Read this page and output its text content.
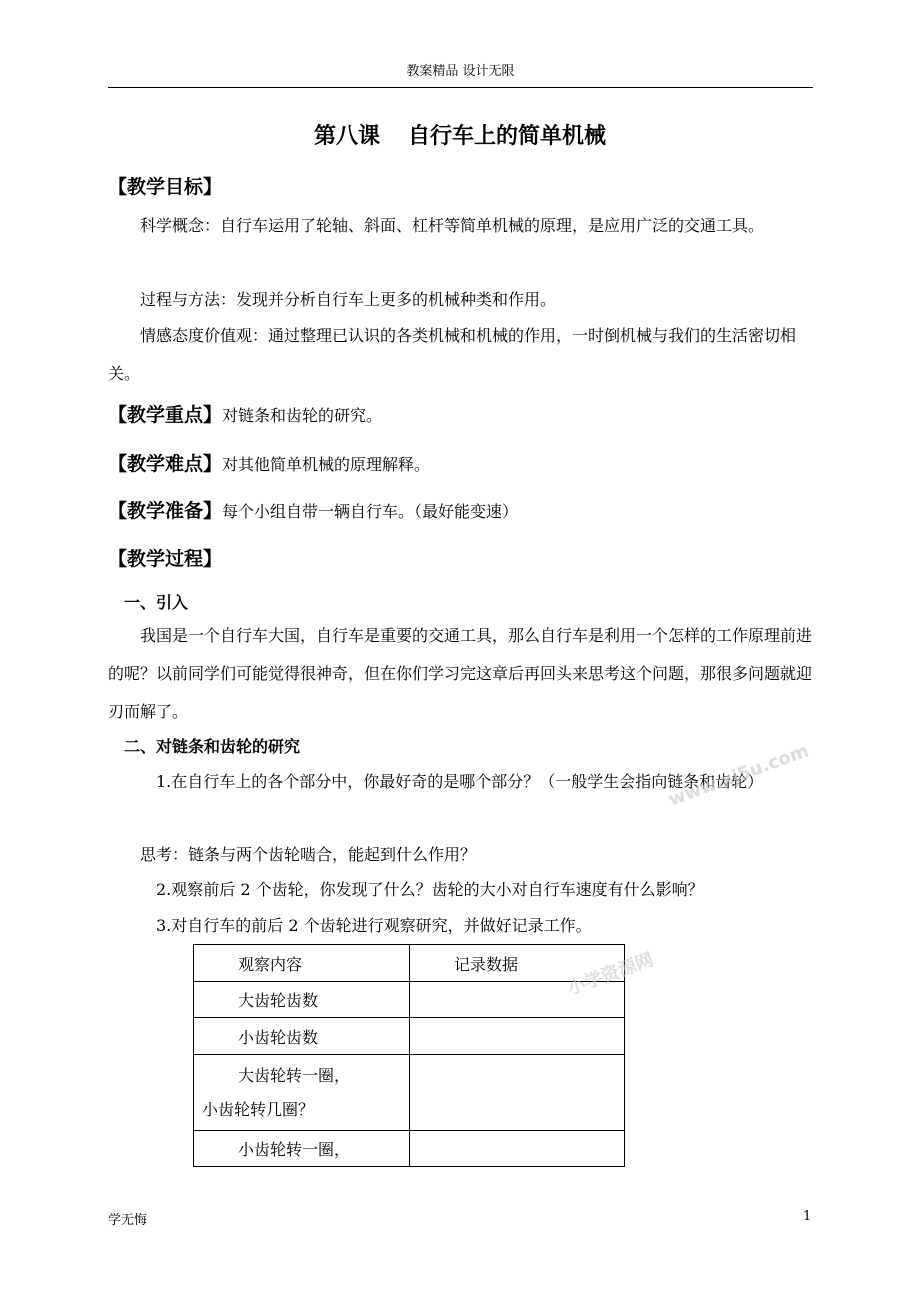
教案精品 设计无限
第八课 自行车上的简单机械
【教学目标】
科学概念：自行车运用了轮轴、斜面、杠杆等简单机械的原理，是应用广泛的交通工具。
过程与方法：发现并分析自行车上更多的机械种类和作用。
情感态度价值观：通过整理已认识的各类机械和机械的作用，一时倒机械与我们的生活密切相关。
【教学重点】对链条和齿轮的研究。
【教学难点】对其他简单机械的原理解释。
【教学准备】每个小组自带一辆自行车。（最好能变速）
【教学过程】
一、引入
我国是一个自行车大国，自行车是重要的交通工具，那么自行车是利用一个怎样的工作原理前进的呢？以前同学们可能觉得很神奇，但在你们学习完这章后再回头来思考这个问题，那很多问题就迎刃而解了。
二、对链条和齿轮的研究
1.在自行车上的各个部分中，你最好奇的是哪个部分？（一般学生会指向链条和齿轮）
思考：链条与两个齿轮啮合，能起到什么作用？
2.观察前后 2 个齿轮，你发现了什么？齿轮的大小对自行车速度有什么影响？
3.对自行车的前后 2 个齿轮进行观察研究，并做好记录工作。
观察内容	记录数据
大齿轮齿数	
小齿轮齿数	

大齿轮转一圈，
小齿轮转几圈？	

小齿轮转一圈，	
小学资源网
www.xj5u.com
学无悔	1
